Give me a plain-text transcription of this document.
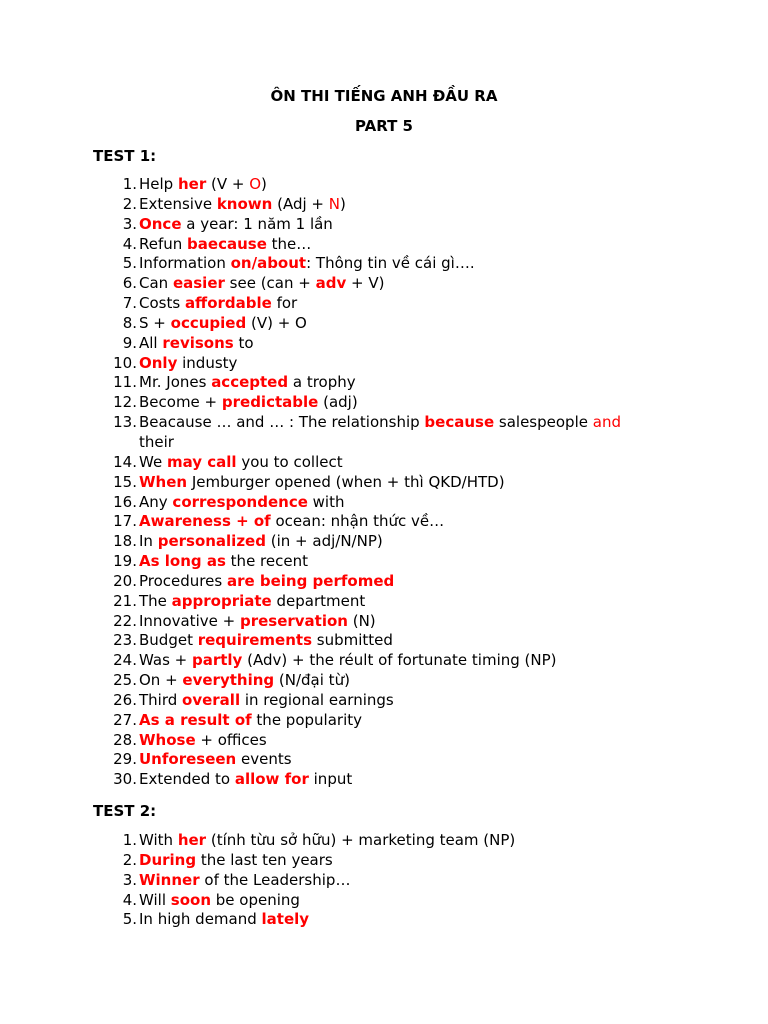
ÔN THI TIẾNG ANH ĐẦU RA
PART 5
TEST 1:
1. Help her (V + O)
2. Extensive known (Adj + N)
3. Once a year: 1 năm 1 lần
4. Refun baecause the…
5. Information on/about: Thông tin về cái gì….
6. Can easier see (can + adv + V)
7. Costs affordable for
8. S + occupied (V) + O
9. All revisons to
10. Only industy
11. Mr. Jones accepted a trophy
12. Become + predictable (adj)
13. Beacause … and … : The relationship because salespeople and their
14. We may call you to collect
15. When Jemburger opened (when + thì QKD/HTD)
16. Any correspondence with
17. Awareness + of ocean: nhận thức về…
18. In personalized (in + adj/N/NP)
19. As long as the recent
20. Procedures are being perfomed
21. The appropriate department
22. Innovative + preservation (N)
23. Budget requirements submitted
24. Was + partly (Adv) + the réult of fortunate timing (NP)
25. On + everything (N/đại từ)
26. Third overall in regional earnings
27. As a result of the popularity
28. Whose + offices
29. Unforeseen events
30. Extended to allow for input
TEST 2:
1. With her (tính từu sở hữu) + marketing team (NP)
2. During the last ten years
3. Winner of the Leadership…
4. Will soon be opening
5. In high demand lately
